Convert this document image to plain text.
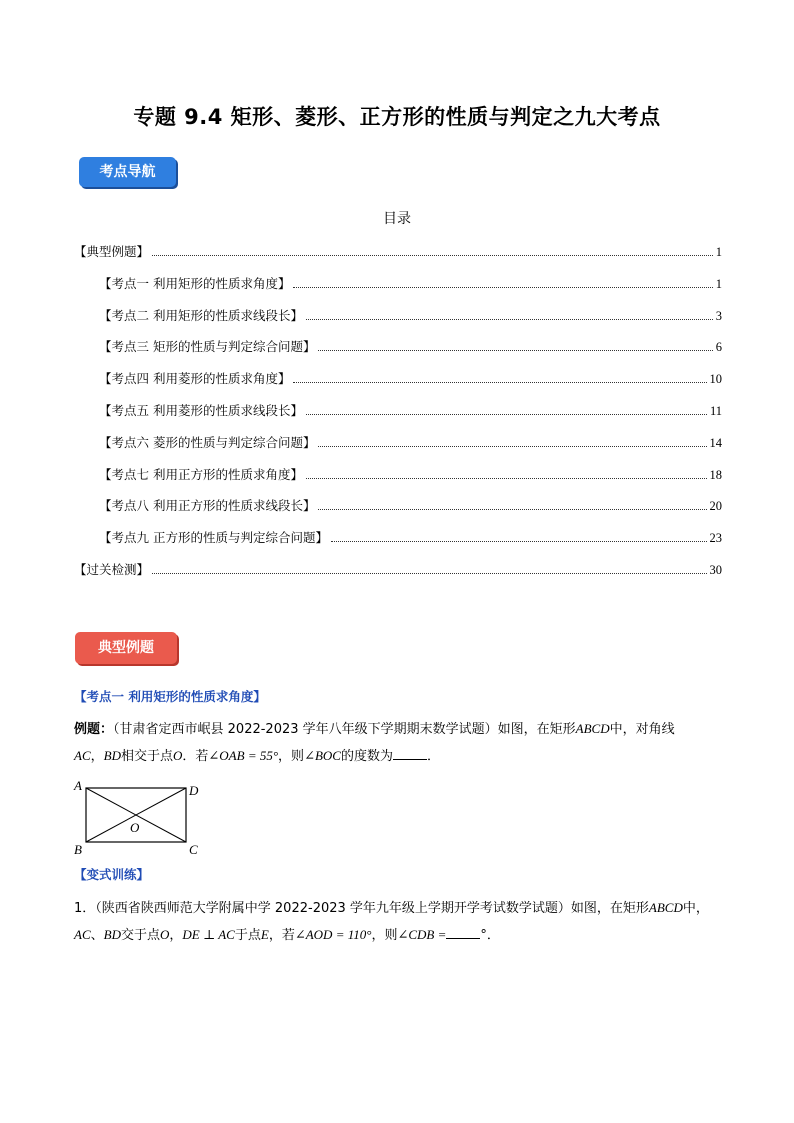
专题 9.4 矩形、菱形、正方形的性质与判定之九大考点
考点导航
目录
【典型例题】	1
【考点一 利用矩形的性质求角度】	1
【考点二 利用矩形的性质求线段长】	3
【考点三 矩形的性质与判定综合问题】	6
【考点四 利用菱形的性质求角度】	10
【考点五 利用菱形的性质求线段长】	11
【考点六 菱形的性质与判定综合问题】	14
【考点七 利用正方形的性质求角度】	18
【考点八 利用正方形的性质求线段长】	20
【考点九 正方形的性质与判定综合问题】	23
【过关检测】	30
典型例题
【考点一 利用矩形的性质求角度】
例题：（甘肃省定西市岷县 2022-2023 学年八年级下学期期末数学试题）如图，在矩形ABCD中，对角线
AC，BD相交于点O．若∠OAB = 55°，则∠BOC的度数为	．
A
B	C
D
O
【变式训练】
1．（陕西省陕西师范大学附属中学 2022-2023 学年九年级上学期开学考试数学试题）如图，在矩形ABCD中，
AC、BD交于点O，DE ⊥ AC于点E，若∠AOD = 110°，则∠CDB =	°．
